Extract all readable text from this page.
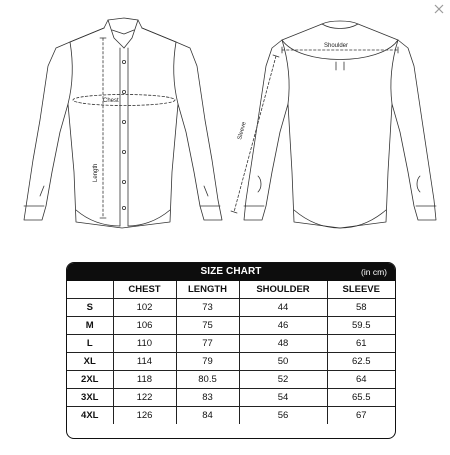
Chest
Length
Shoulder
Sleeve
SIZE CHART	(in cm)
	CHEST	LENGTH	SHOULDER	SLEEVE
S	102	73	44	58
M	106	75	46	59.5
L	110	77	48	61
XL	114	79	50	62.5
2XL	118	80.5	52	64
3XL	122	83	54	65.5
4XL	126	84	56	67
